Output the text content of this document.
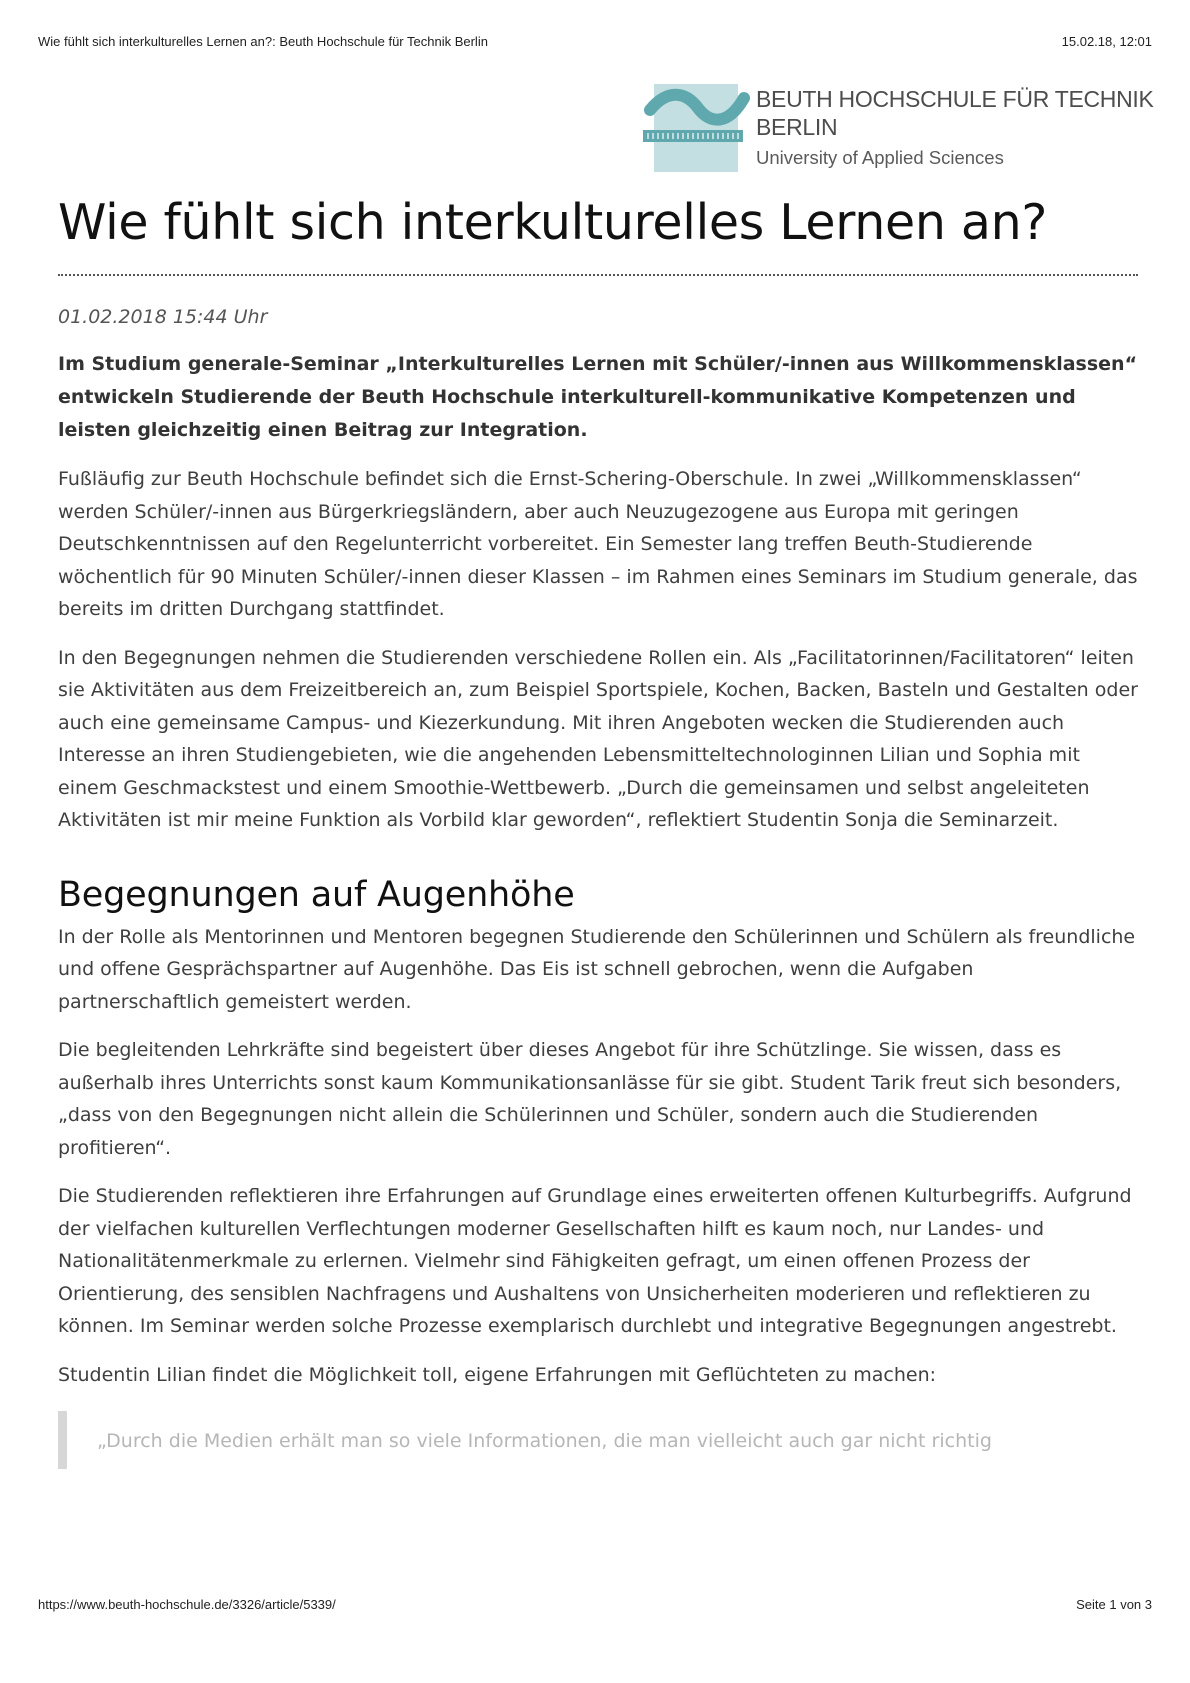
Wie fühlt sich interkulturelles Lernen an?: Beuth Hochschule für Technik Berlin	15.02.18, 12:01
BEUTH HOCHSCHULE FÜR TECHNIK BERLIN
University of Applied Sciences
Wie fühlt sich interkulturelles Lernen an?
01.02.2018 15:44 Uhr
Im Studium generale-Seminar „Interkulturelles Lernen mit Schüler/-innen aus Willkommensklassen“ entwickeln Studierende der Beuth Hochschule interkulturell-kommunikative Kompetenzen und leisten gleichzeitig einen Beitrag zur Integration.

Fußläufig zur Beuth Hochschule befindet sich die Ernst-Schering-Oberschule. In zwei „Willkommensklassen“ werden Schüler/-innen aus Bürgerkriegsländern, aber auch Neuzugezogene aus Europa mit geringen Deutschkenntnissen auf den Regelunterricht vorbereitet. Ein Semester lang treffen Beuth-Studierende wöchentlich für 90 Minuten Schüler/-innen dieser Klassen – im Rahmen eines Seminars im Studium generale, das bereits im dritten Durchgang stattfindet.

In den Begegnungen nehmen die Studierenden verschiedene Rollen ein. Als „Facilitatorinnen/Facilitatoren“ leiten sie Aktivitäten aus dem Freizeitbereich an, zum Beispiel Sportspiele, Kochen, Backen, Basteln und Gestalten oder auch eine gemeinsame Campus- und Kiezerkundung. Mit ihren Angeboten wecken die Studierenden auch Interesse an ihren Studiengebieten, wie die angehenden Lebensmitteltechnologinnen Lilian und Sophia mit einem Geschmackstest und einem Smoothie-Wettbewerb. „Durch die gemeinsamen und selbst angeleiteten Aktivitäten ist mir meine Funktion als Vorbild klar geworden“, reflektiert Studentin Sonja die Seminarzeit.

Begegnungen auf Augenhöhe

In der Rolle als Mentorinnen und Mentoren begegnen Studierende den Schülerinnen und Schülern als freundliche und offene Gesprächspartner auf Augenhöhe. Das Eis ist schnell gebrochen, wenn die Aufgaben partnerschaftlich gemeistert werden.

Die begleitenden Lehrkräfte sind begeistert über dieses Angebot für ihre Schützlinge. Sie wissen, dass es außerhalb ihres Unterrichts sonst kaum Kommunikationsanlässe für sie gibt. Student Tarik freut sich besonders, „dass von den Begegnungen nicht allein die Schülerinnen und Schüler, sondern auch die Studierenden profitieren“.

Die Studierenden reflektieren ihre Erfahrungen auf Grundlage eines erweiterten offenen Kulturbegriffs. Aufgrund der vielfachen kulturellen Verflechtungen moderner Gesellschaften hilft es kaum noch, nur Landes- und Nationalitätenmerkmale zu erlernen. Vielmehr sind Fähigkeiten gefragt, um einen offenen Prozess der Orientierung, des sensiblen Nachfragens und Aushaltens von Unsicherheiten moderieren und reflektieren zu können. Im Seminar werden solche Prozesse exemplarisch durchlebt und integrative Begegnungen angestrebt.

Studentin Lilian findet die Möglichkeit toll, eigene Erfahrungen mit Geflüchteten zu machen:

„Durch die Medien erhält man so viele Informationen, die man vielleicht auch gar nicht richtig
https://www.beuth-hochschule.de/3326/article/5339/	Seite 1 von 3
